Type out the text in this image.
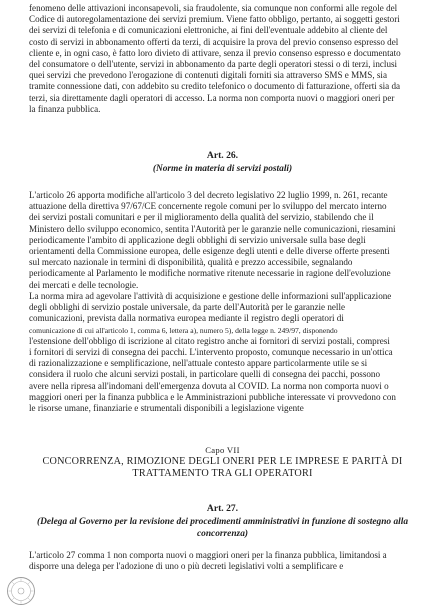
fenomeno delle attivazioni inconsapevoli, sia fraudolente, sia comunque non conformi alle regole del
Codice di autoregolamentazione dei servizi premium. Viene fatto obbligo, pertanto, ai soggetti gestori
dei servizi di telefonia e di comunicazioni elettroniche, ai fini dell'eventuale addebito al cliente del
costo di servizi in abbonamento offerti da terzi, di acquisire la prova del previo consenso espresso del
cliente e, in ogni caso, è fatto loro divieto di attivare, senza il previo consenso espresso e documentato
del consumatore o dell'utente, servizi in abbonamento da parte degli operatori stessi o di terzi, inclusi
quei servizi che prevedono l'erogazione di contenuti digitali forniti sia attraverso SMS e MMS, sia
tramite connessione dati, con addebito su credito telefonico o documento di fatturazione, offerti sia da
terzi, sia direttamente dagli operatori di accesso. La norma non comporta nuovi o maggiori oneri per
la finanza pubblica.
Art. 26.
(Norme in materia di servizi postali)
L'articolo 26 apporta modifiche all'articolo 3 del decreto legislativo 22 luglio 1999, n. 261, recante
attuazione della direttiva 97/67/CE concernente regole comuni per lo sviluppo del mercato interno
dei servizi postali comunitari e per il miglioramento della qualità del servizio, stabilendo che il
Ministero dello sviluppo economico, sentita l'Autorità per le garanzie nelle comunicazioni, riesamini
periodicamente l'ambito di applicazione degli obblighi di servizio universale sulla base degli
orientamenti della Commissione europea, delle esigenze degli utenti e delle diverse offerte presenti
sul mercato nazionale in termini di disponibilità, qualità e prezzo accessibile, segnalando
periodicamente al Parlamento le modifiche normative ritenute necessarie in ragione dell'evoluzione
dei mercati e delle tecnologie.
La norma mira ad agevolare l'attività di acquisizione e gestione delle informazioni sull'applicazione
degli obblighi di servizio postale universale, da parte dell'Autorità per le garanzie nelle
comunicazioni, prevista dalla normativa europea mediante il registro degli operatori di
comunicazione di cui all'articolo 1, comma 6, lettera a), numero 5), della legge n. 249/97, disponendo
l'estensione dell'obbligo di iscrizione al citato registro anche ai fornitori di servizi postali, compresi
i fornitori di servizi di consegna dei pacchi. L'intervento proposto, comunque necessario in un'ottica
di razionalizzazione e semplificazione, nell'attuale contesto appare particolarmente utile se si
considera il ruolo che alcuni servizi postali, in particolare quelli di consegna dei pacchi, possono
avere nella ripresa all'indomani dell'emergenza dovuta al COVID. La norma non comporta nuovi o
maggiori oneri per la finanza pubblica e le Amministrazioni pubbliche interessate vi provvedono con
le risorse umane, finanziarie e strumentali disponibili a legislazione vigente
Capo VII
CONCORRENZA, RIMOZIONE DEGLI ONERI PER LE IMPRESE E PARITÀ DI
TRATTAMENTO TRA GLI OPERATORI
Art. 27.
(Delega al Governo per la revisione dei procedimenti amministrativi in funzione di sostegno alla
concorrenza)
L'articolo 27 comma 1 non comporta nuovi o maggiori oneri per la finanza pubblica, limitandosi a
disporre una delega per l'adozione di uno o più decreti legislativi volti a semplificare e
